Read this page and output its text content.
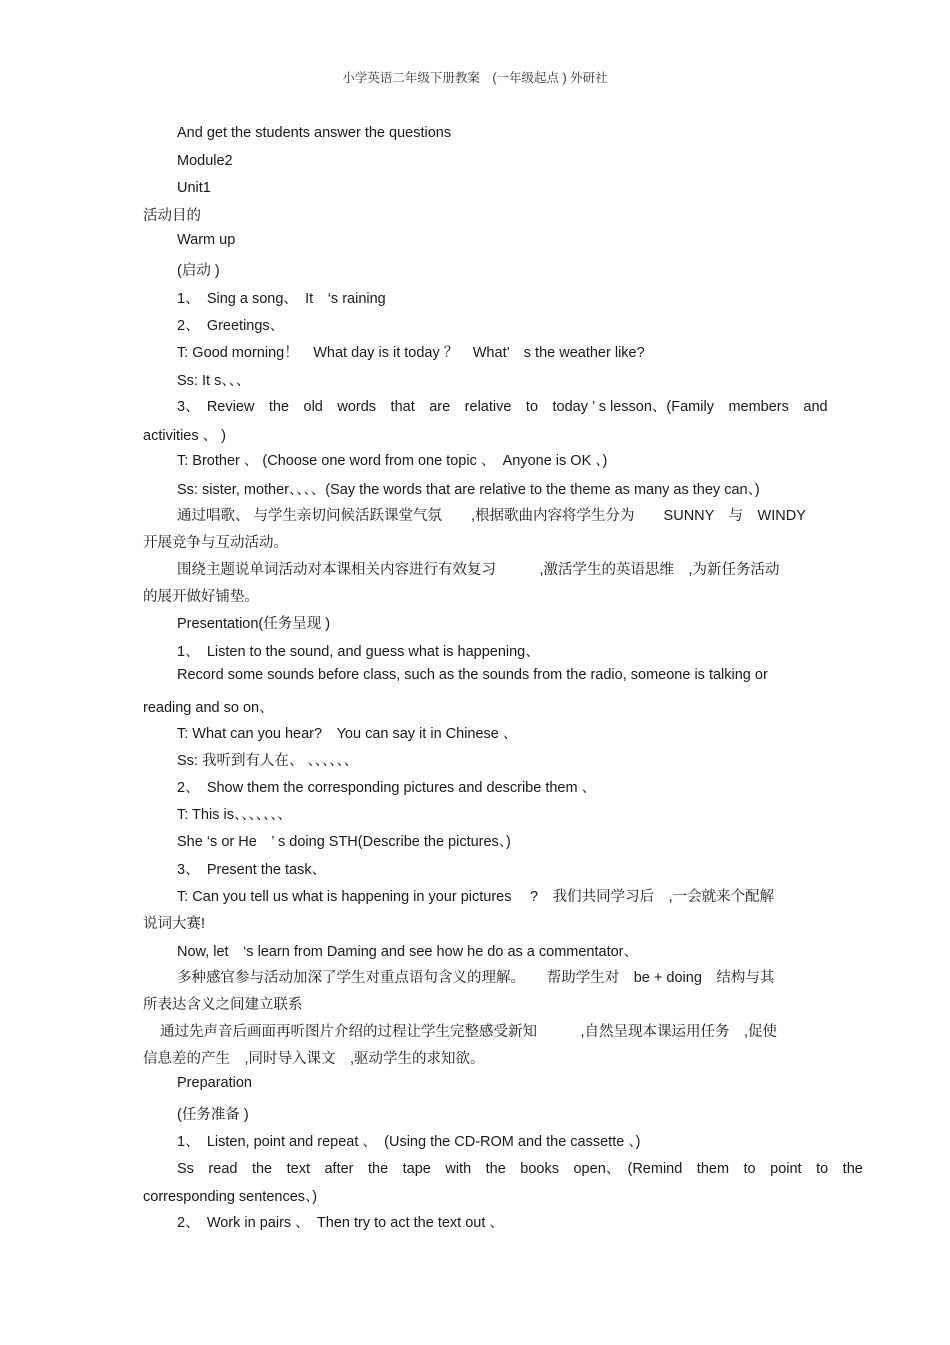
小学英语二年级下册教案　(一年级起点 ) 外研社
And get the students answer the questions
Module2
Unit1
活动目的
Warm up
(启动 )
1、　Sing a song、　It　‘s raining
2、　Greetings、
T: Good morning！　What day is it today ？　What’　s the weather like?
Ss: It s、、、
3、　Review　the　old　words　that　are　relative　to　today ’ s lesson、(Family　members　and
activities 、 )
T: Brother 、 (Choose one word from one topic 、　Anyone is OK 、)
Ss: sister, mother、、、、(Say the words that are relative to the theme as many as they can、)
通过唱歌、 与学生亲切问候活跃课堂气氛　　,根据歌曲内容将学生分为　　SUNNY　与　WINDY
开展竞争与互动活动。
围绕主题说单词活动对本课相关内容进行有效复习　　　,激活学生的英语思维　,为新任务活动
的展开做好铺垫。
Presentation(任务呈现 )
1、　Listen to the sound, and guess what is happening、
Record some sounds before class, such as the sounds from the radio, someone is talking or
reading and so on、
T: What can you hear?　You can say it in Chinese 、
Ss: 我听到有人在、 、、、、、、
2、　Show them the corresponding pictures and describe them 、
T: This is、、、、、、、
She ‘s or He　’ s doing STH(Describe the pictures、)
3、　Present the task、
T: Can you tell us what is happening in your pictures　 ?　我们共同学习后　,一会就来个配解
说词大赛!
Now, let　‘s learn from Daming and see how he do as a commentator、
多种感官参与活动加深了学生对重点语句含义的理解。　　帮助学生对　be + doing　结构与其
所表达含义之间建立联系
通过先声音后画面再听图片介绍的过程让学生完整感受新知　　　,自然呈现本课运用任务　,促使
信息差的产生　,同时导入课文　,驱动学生的求知欲。
Preparation
(任务准备 )
1、　Listen, point and repeat 、　(Using the CD-ROM and the cassette 、)
Ss　read　the　text　after　the　tape　with　the　books　open、　(Remind　them　to　point　to　the
corresponding sentences、)
2、　Work in pairs 、　Then try to act the text out 、
